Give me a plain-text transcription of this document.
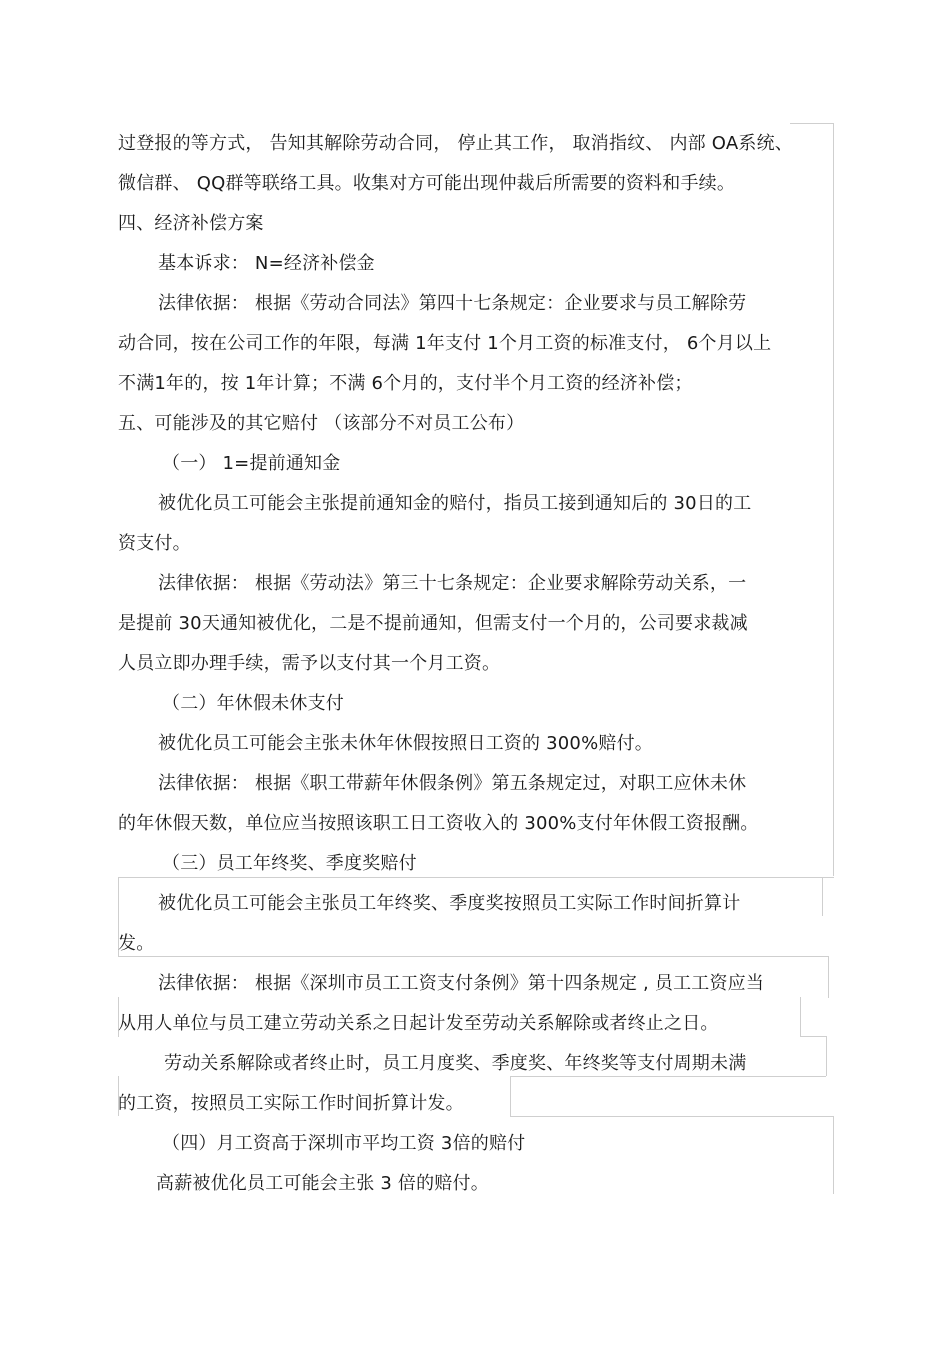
过登报的等方式， 告知其解除劳动合同， 停止其工作， 取消指纹、 内部 OA系统、
微信群、 QQ群等联络工具。收集对方可能出现仲裁后所需要的资料和手续。
四、经济补偿方案
基本诉求： N=经济补偿金
法律依据： 根据《劳动合同法》第四十七条规定：企业要求与员工解除劳
动合同，按在公司工作的年限，每满 1年支付 1个月工资的标准支付， 6个月以上
不满1年的，按 1年计算；不满 6个月的，支付半个月工资的经济补偿；
五、可能涉及的其它赔付 （该部分不对员工公布）
（一） 1=提前通知金
被优化员工可能会主张提前通知金的赔付，指员工接到通知后的 30日的工
资支付。
法律依据： 根据《劳动法》第三十七条规定：企业要求解除劳动关系，一
是提前 30天通知被优化，二是不提前通知，但需支付一个月的，公司要求裁减
人员立即办理手续，需予以支付其一个月工资。
（二）年休假未休支付
被优化员工可能会主张未休年休假按照日工资的 300%赔付。
法律依据： 根据《职工带薪年休假条例》第五条规定过，对职工应休未休
的年休假天数，单位应当按照该职工日工资收入的 300%支付年休假工资报酬。
（三）员工年终奖、季度奖赔付
被优化员工可能会主张员工年终奖、季度奖按照员工实际工作时间折算计
发。
法律依据： 根据《深圳市员工工资支付条例》第十四条规定 , 员工工资应当
从用人单位与员工建立劳动关系之日起计发至劳动关系解除或者终止之日。
劳动关系解除或者终止时，员工月度奖、季度奖、年终奖等支付周期未满
的工资，按照员工实际工作时间折算计发。
（四）月工资高于深圳市平均工资 3倍的赔付
高薪被优化员工可能会主张 3 倍的赔付。
